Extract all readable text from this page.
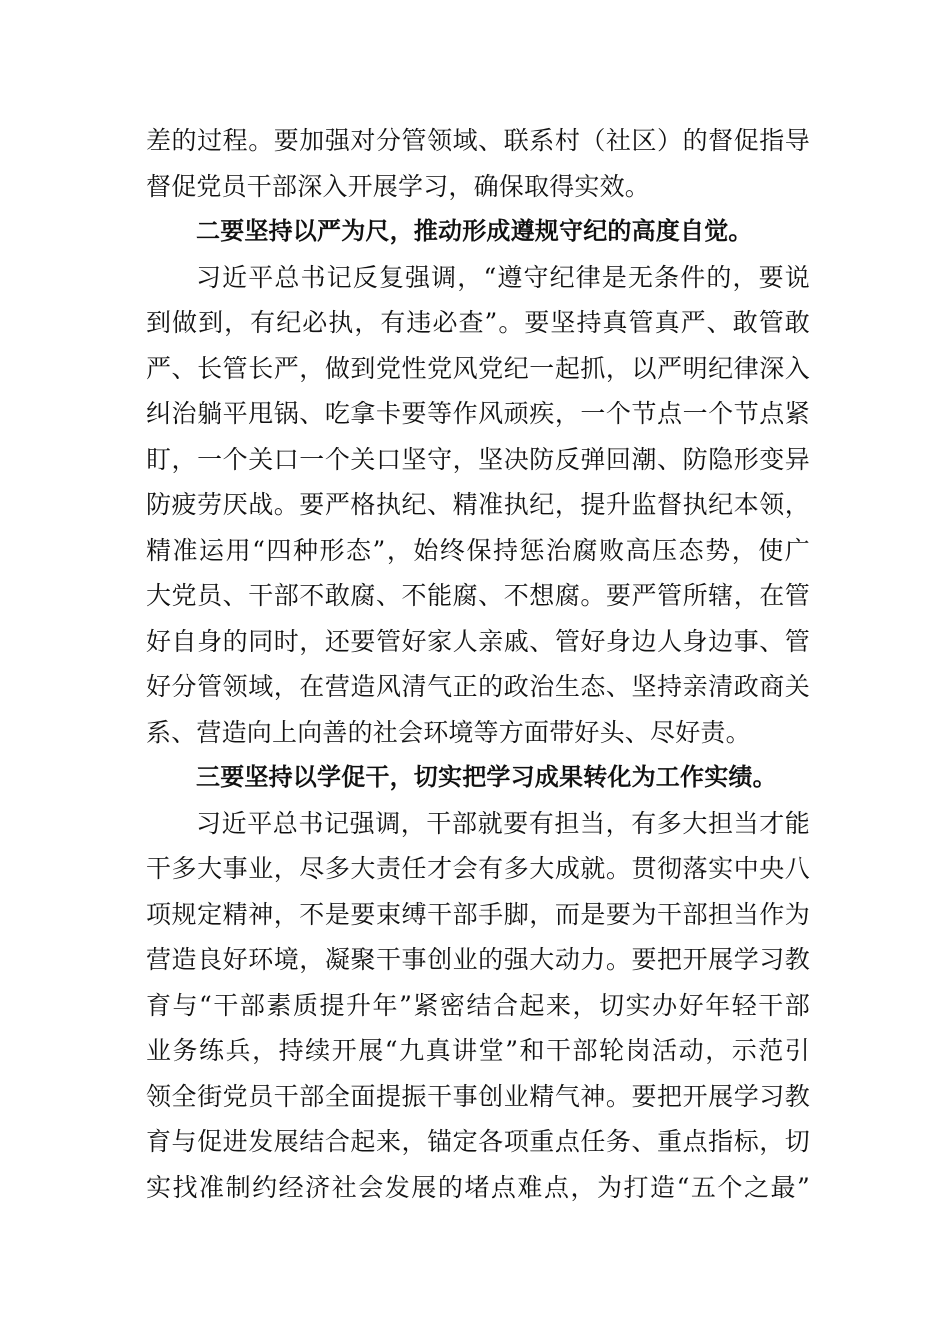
差的过程。要加强对分管领域、联系村（社区）的督促指导
督促党员干部深入开展学习，确保取得实效。
二要坚持以严为尺，推动形成遵规守纪的高度自觉。
习近平总书记反复强调，“遵守纪律是无条件的，要说
到做到，有纪必执，有违必查”。要坚持真管真严、敢管敢
严、长管长严，做到党性党风党纪一起抓，以严明纪律深入
纠治躺平甩锅、吃拿卡要等作风顽疾，一个节点一个节点紧
盯，一个关口一个关口坚守，坚决防反弹回潮、防隐形变异
防疲劳厌战。要严格执纪、精准执纪，提升监督执纪本领，
精准运用“四种形态”，始终保持惩治腐败高压态势，使广
大党员、干部不敢腐、不能腐、不想腐。要严管所辖，在管
好自身的同时，还要管好家人亲戚、管好身边人身边事、管
好分管领域，在营造风清气正的政治生态、坚持亲清政商关
系、营造向上向善的社会环境等方面带好头、尽好责。
三要坚持以学促干，切实把学习成果转化为工作实绩。
习近平总书记强调，干部就要有担当，有多大担当才能
干多大事业，尽多大责任才会有多大成就。贯彻落实中央八
项规定精神，不是要束缚干部手脚，而是要为干部担当作为
营造良好环境，凝聚干事创业的强大动力。要把开展学习教
育与“干部素质提升年”紧密结合起来，切实办好年轻干部
业务练兵，持续开展“九真讲堂”和干部轮岗活动，示范引
领全街党员干部全面提振干事创业精气神。要把开展学习教
育与促进发展结合起来，锚定各项重点任务、重点指标，切
实找准制约经济社会发展的堵点难点，为打造“五个之最”
